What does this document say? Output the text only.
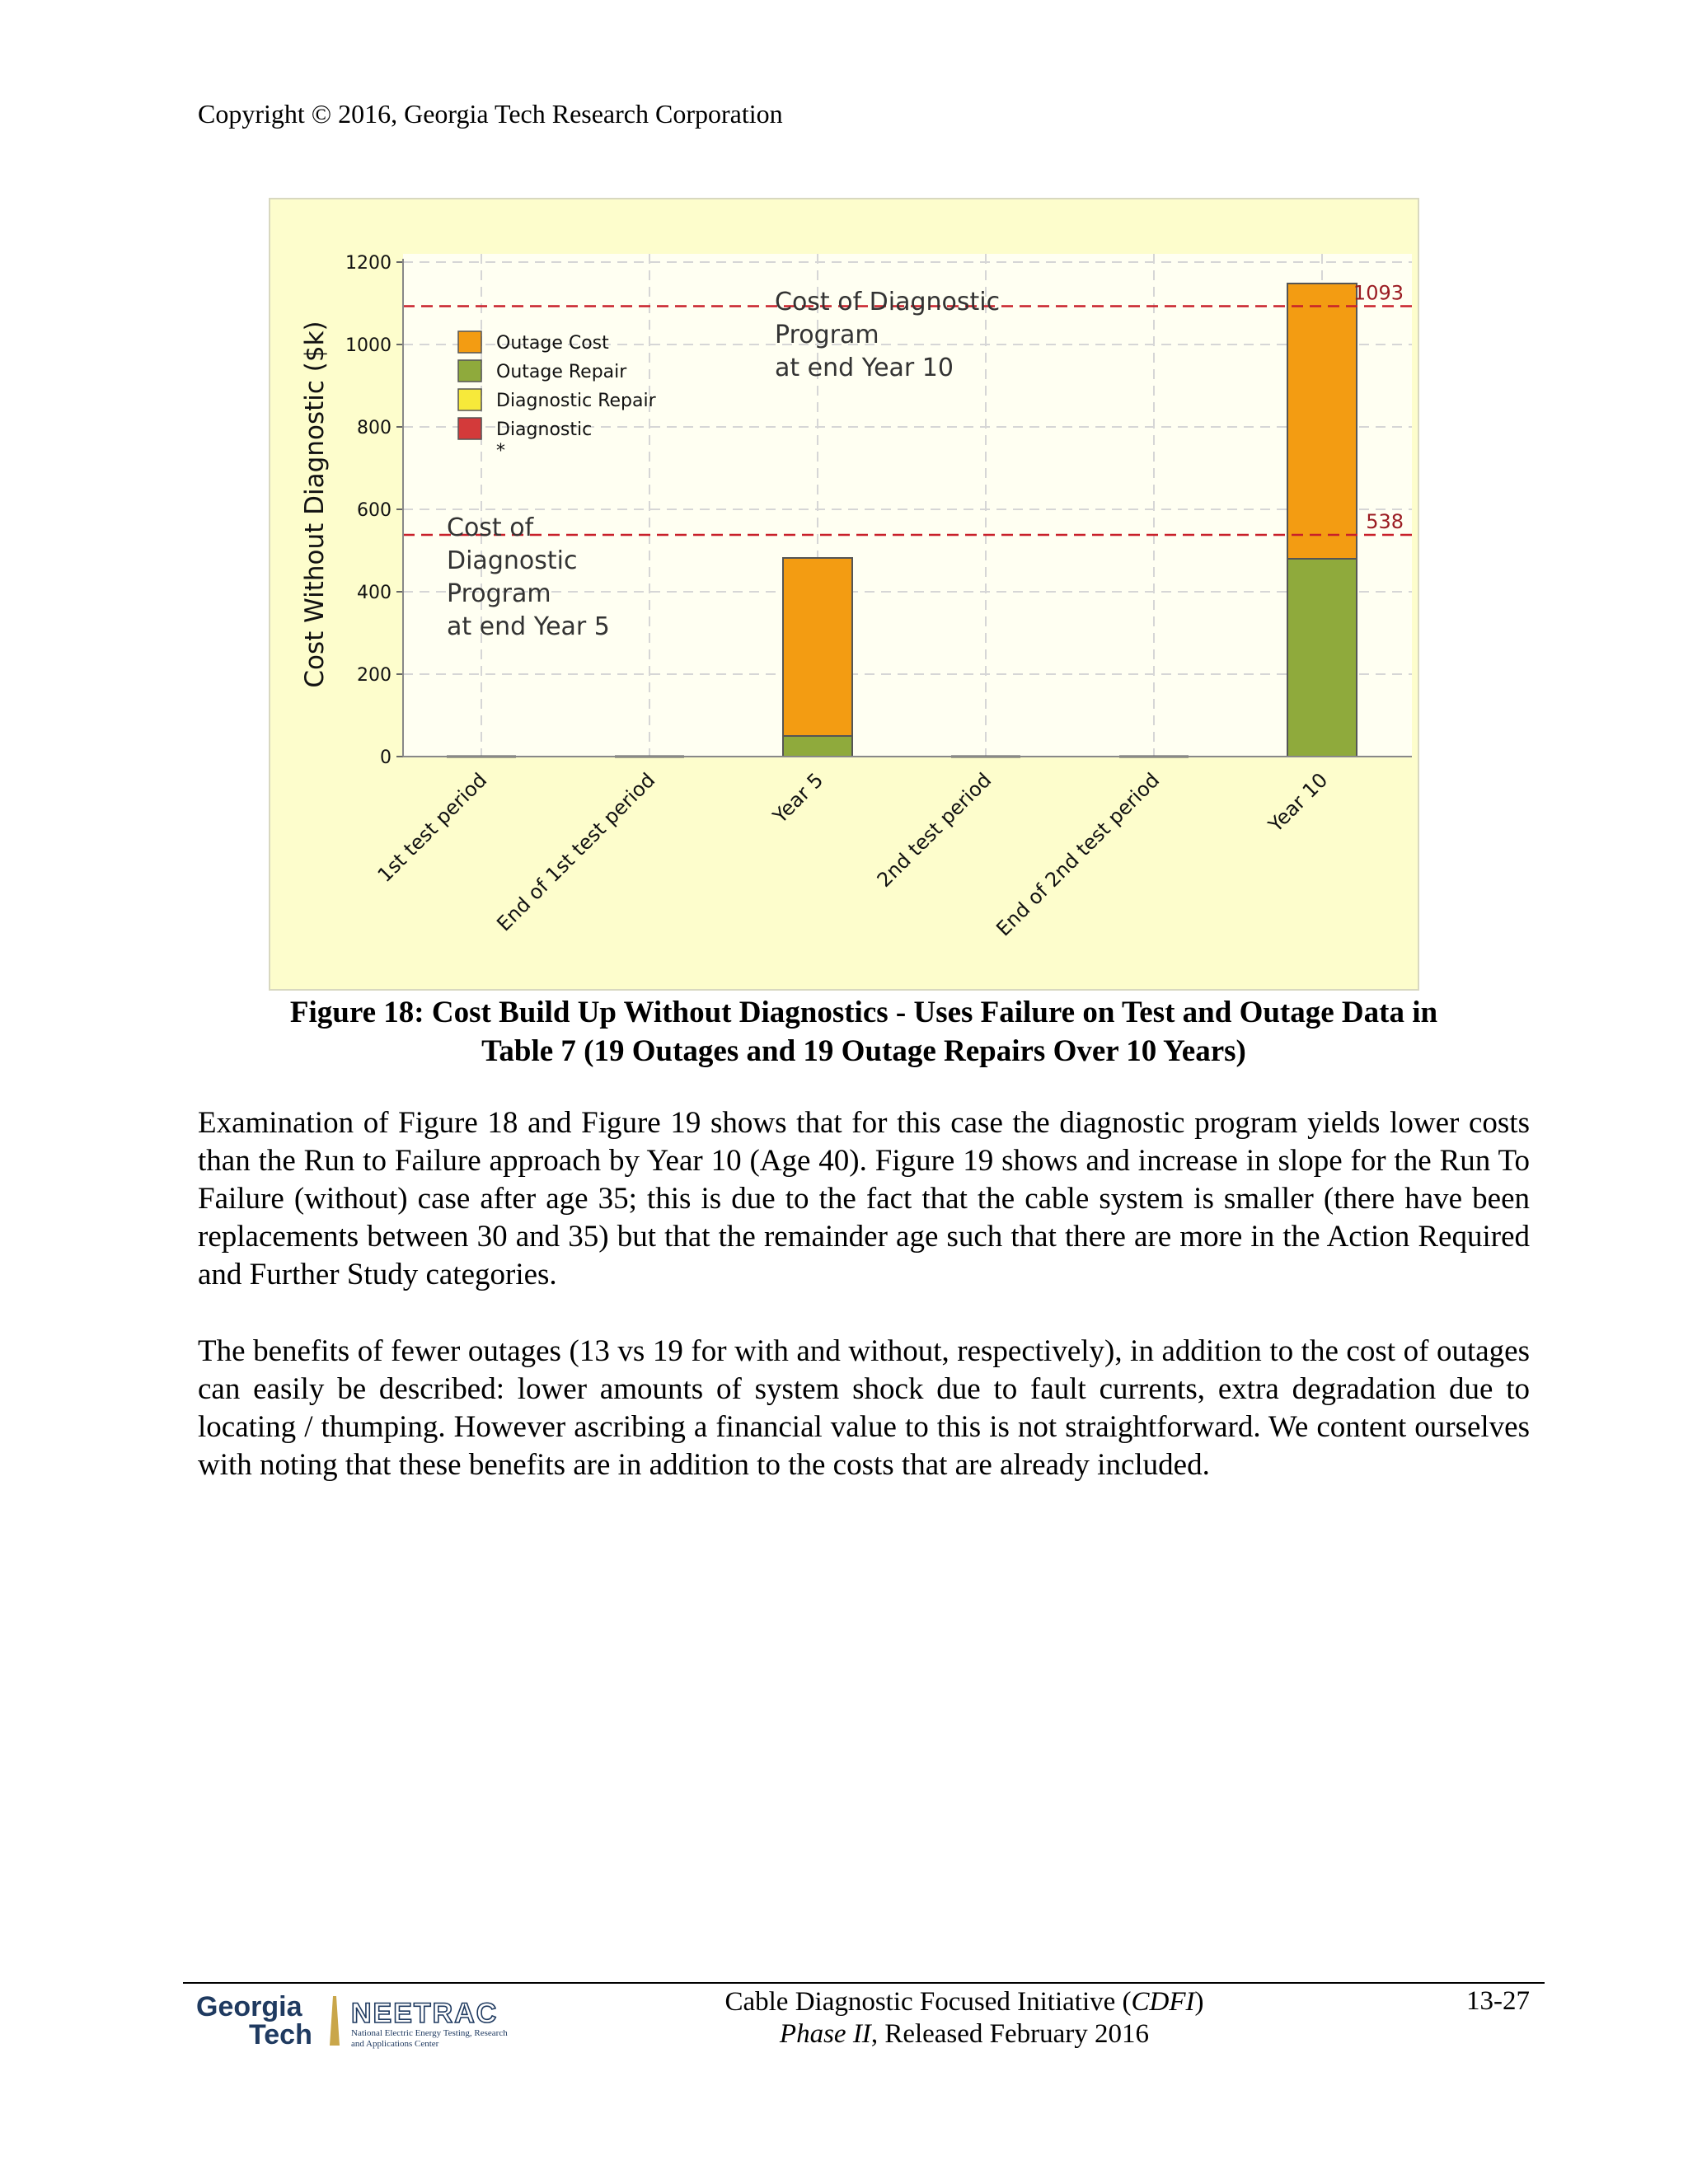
Copyright © 2016, Georgia Tech Research Corporation
1093
538
0
200
400
600
800
1000
1200
1st test period End of 1st test period	Year 5 2nd test period
End of 2nd test period	Year 10
Cost Without Diagnostic ($k)	Outage Cost
Outage Repair
Diagnostic Repair
Diagnostic
*
Cost of Diagnostic
Program
at end Year 10
Cost of
Diagnostic
Program
at end Year 5
Figure 18: Cost Build Up Without Diagnostics - Uses Failure on Test and Outage Data in
Table 7 (19 Outages and 19 Outage Repairs Over 10 Years)
Examination of Figure 18 and Figure 19 shows that for this case the diagnostic program yields lower costs than the Run to Failure approach by Year 10 (Age 40). Figure 19 shows and increase in slope for the Run To Failure (without) case after age 35; this is due to the fact that the cable system is smaller (there have been replacements between 30 and 35) but that the remainder age such that there are more in the Action Required and Further Study categories.
The benefits of fewer outages (13 vs 19 for with and without, respectively), in addition to the cost of outages can easily be described: lower amounts of system shock due to fault currents, extra degradation due to locating / thumping. However ascribing a financial value to this is not straightforward. We content ourselves with noting that these benefits are in addition to the costs that are already included.
Georgia
Tech
NEETRAC
National Electric Energy Testing, Research
and Applications Center
Cable Diagnostic Focused Initiative (CDFI)
Phase II, Released February 2016
13-27
